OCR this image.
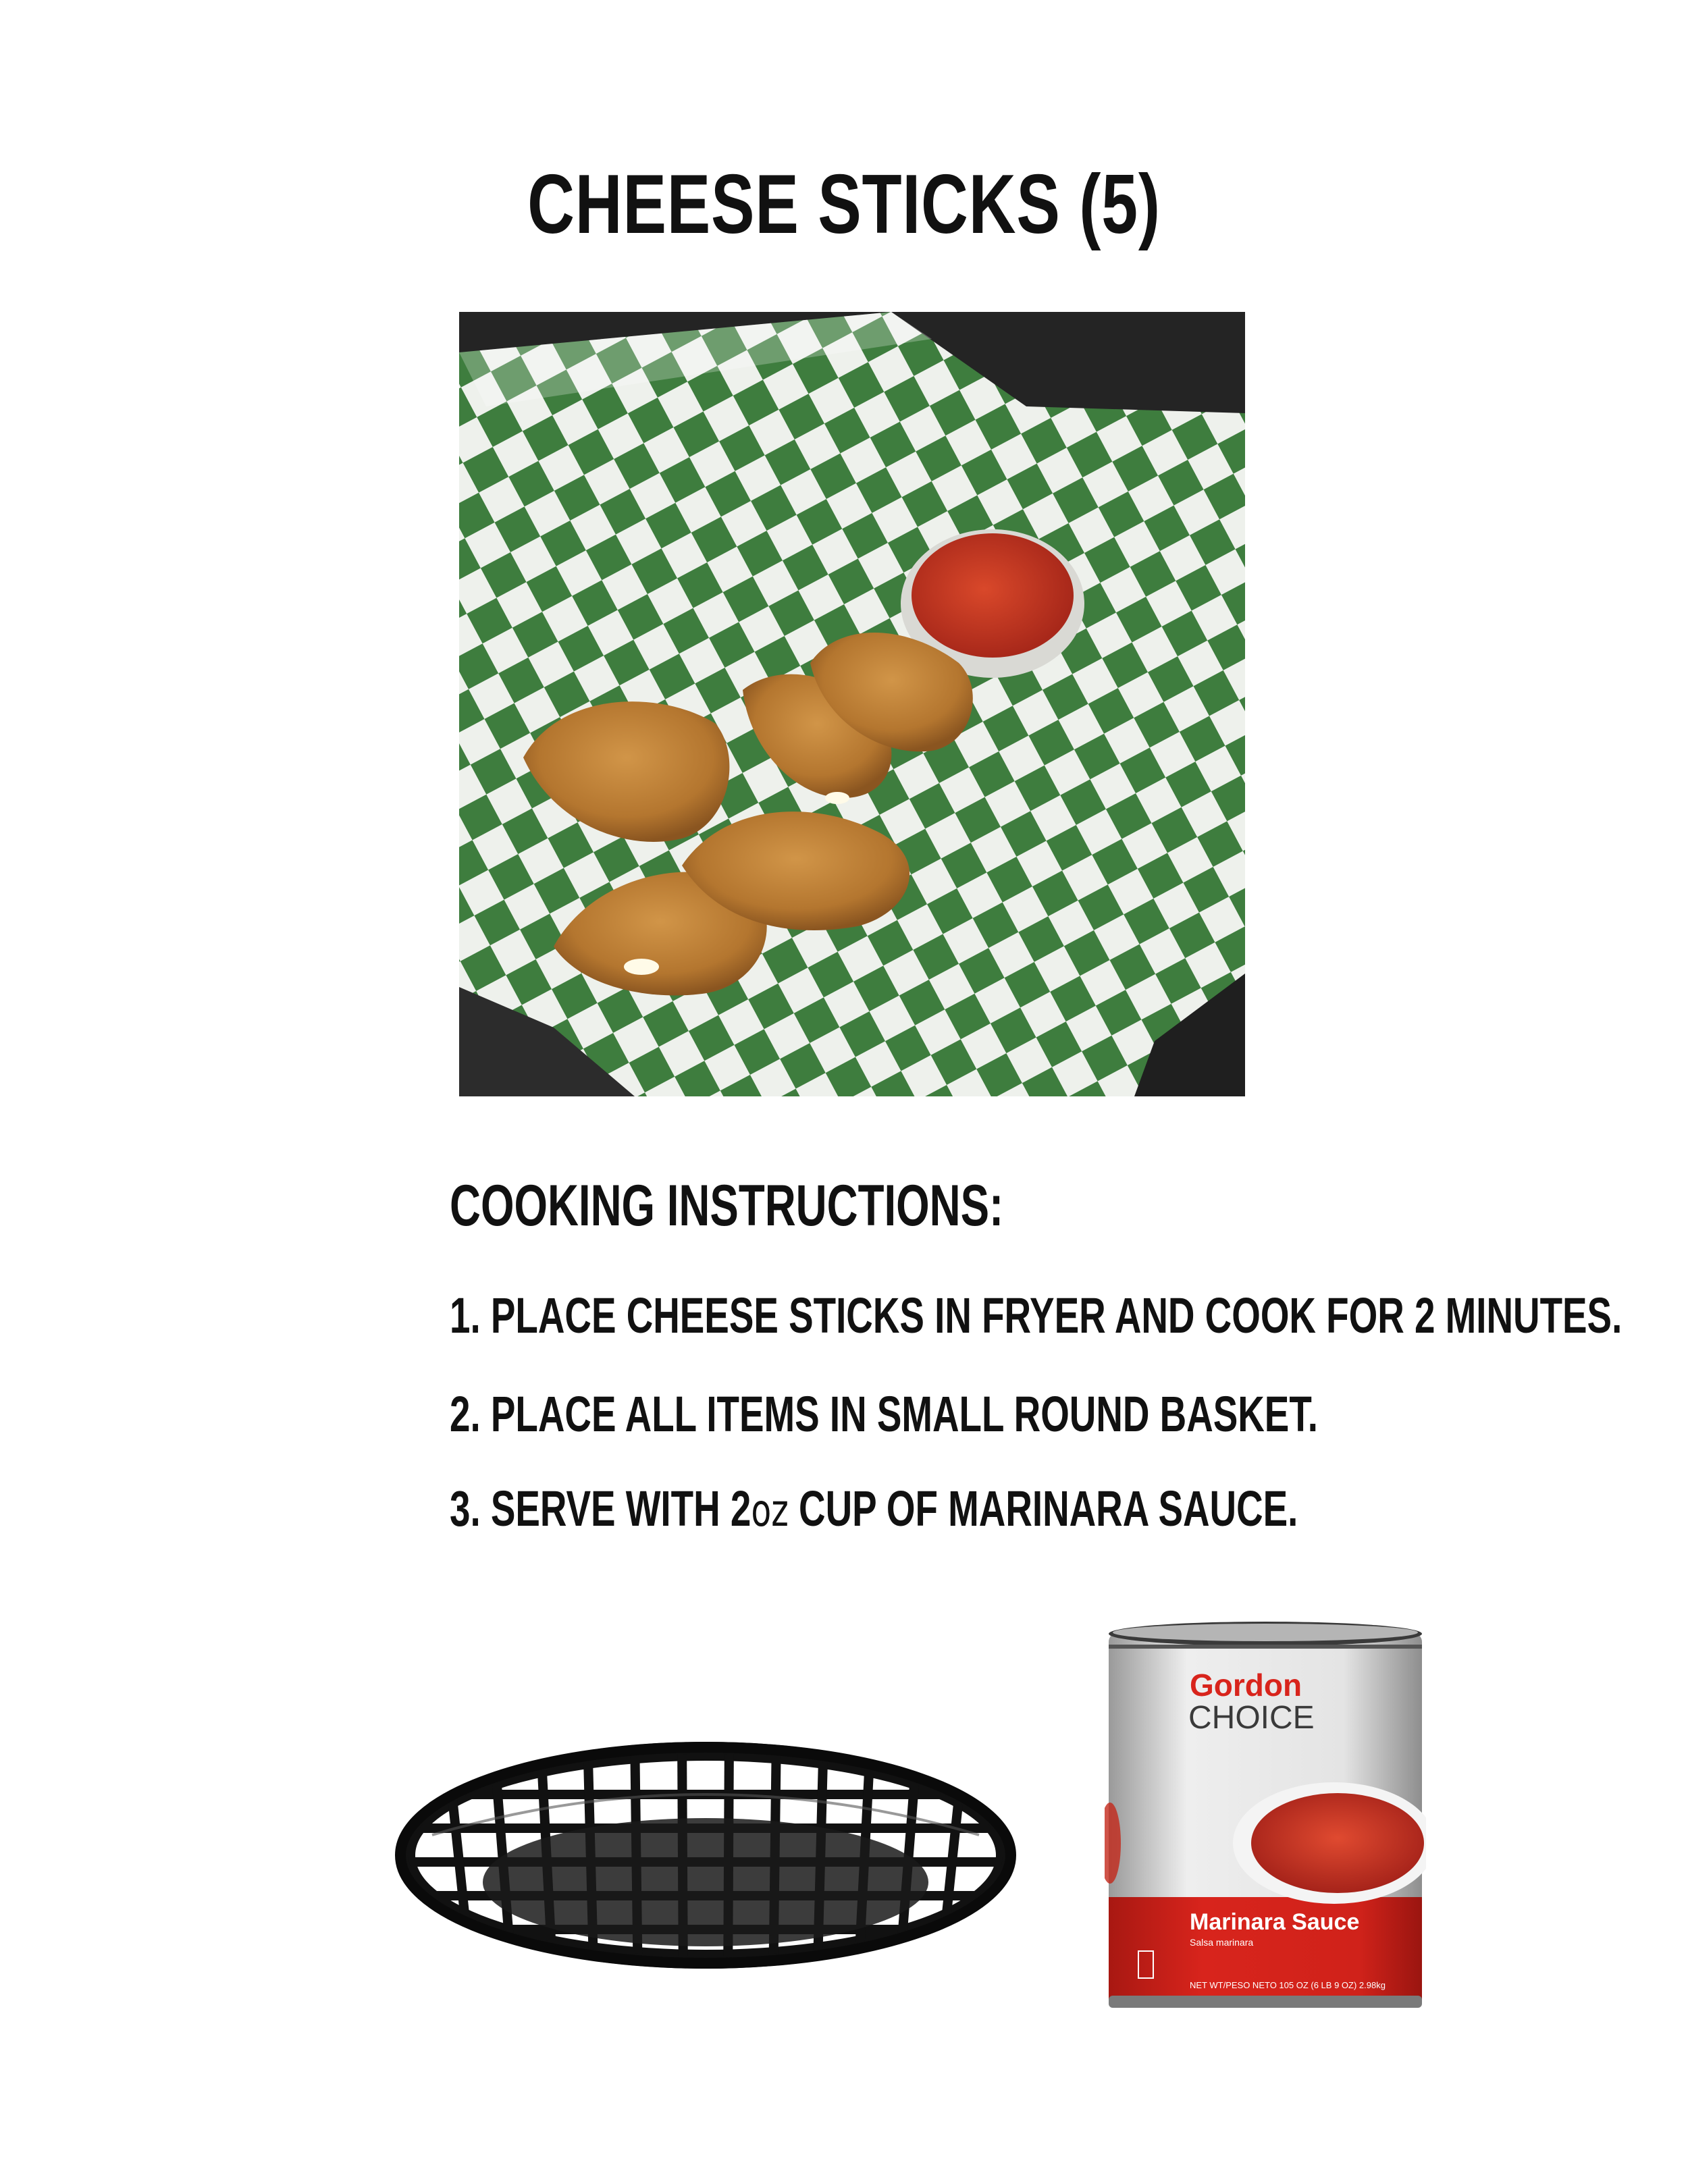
CHEESE STICKS (5)
COOKING INSTRUCTIONS:
1. PLACE CHEESE STICKS IN FRYER AND COOK FOR 2 MINUTES.
2. PLACE ALL ITEMS IN SMALL ROUND BASKET.
3. SERVE WITH 2oz CUP OF MARINARA SAUCE.
Gordon
CHOICE
Marinara Sauce
Salsa marinara
NET WT/PESO NETO 105 OZ (6 LB 9 OZ) 2.98kg
